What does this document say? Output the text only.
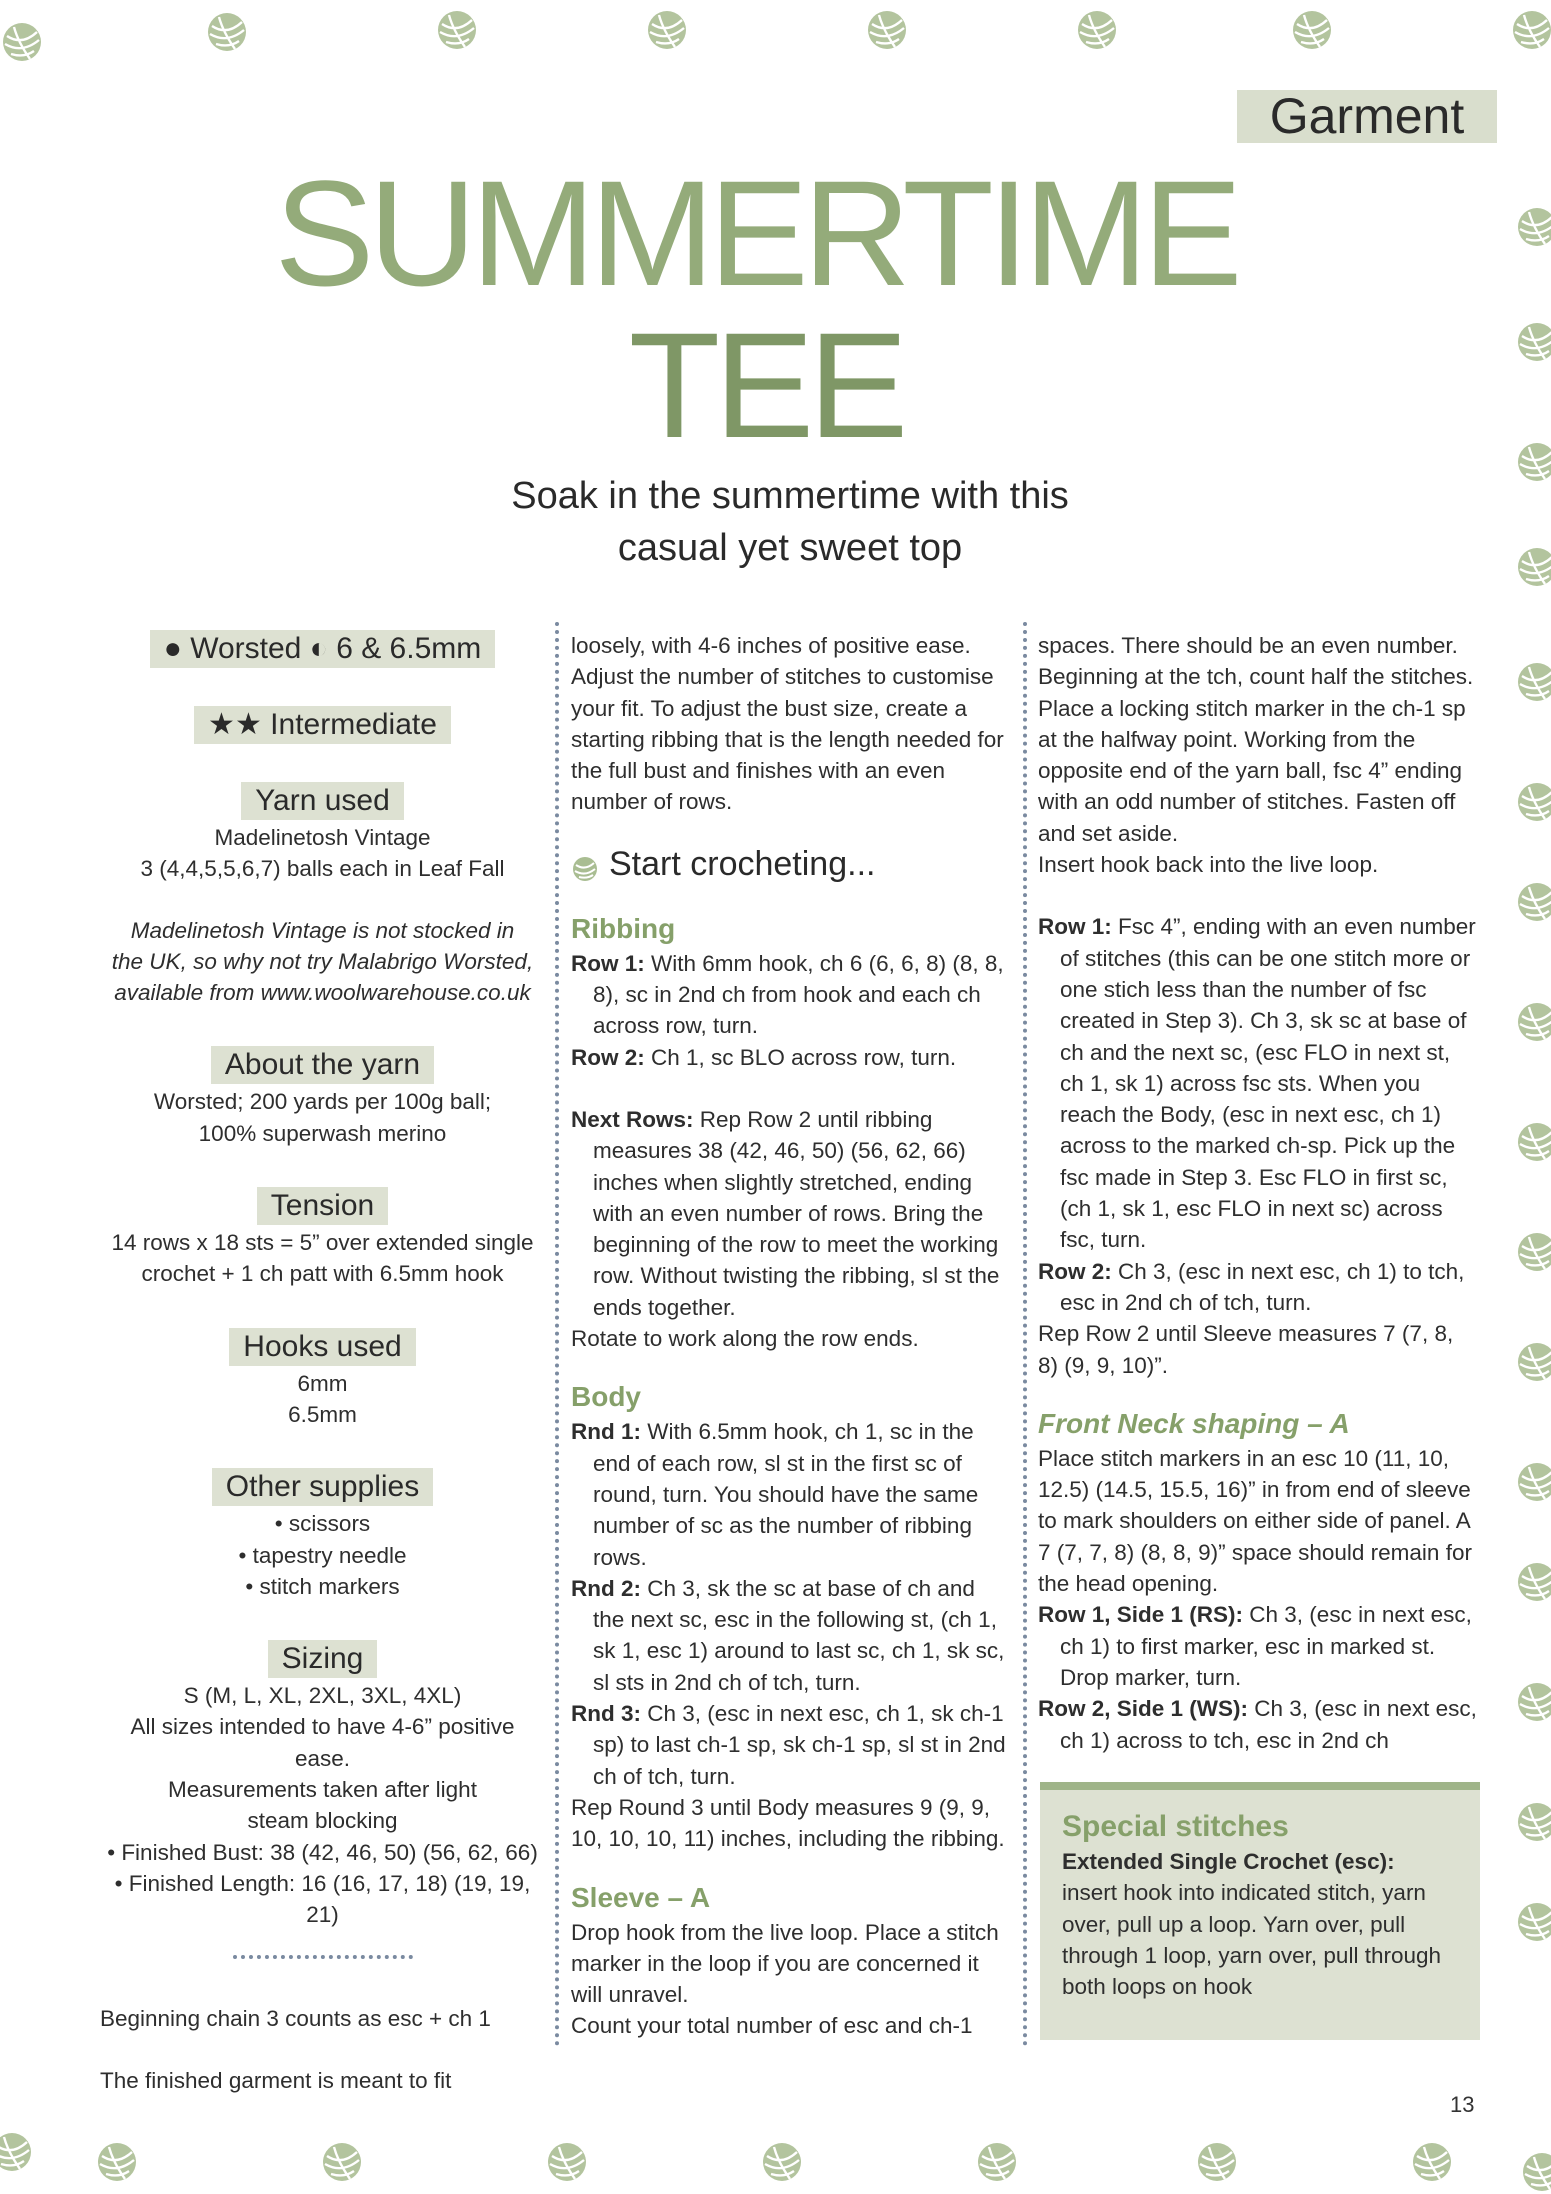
Garment
SUMMERTIME
TEE
Soak in the summertime with this
casual yet sweet top
● Worsted ◐ 6 & 6.5mm
★★ Intermediate
Yarn used
Madelinetosh Vintage
3 (4,4,5,5,6,7) balls each in Leaf Fall
Madelinetosh Vintage is not stocked in
the UK, so why not try Malabrigo Worsted,
available from www.woolwarehouse.co.uk
About the yarn
Worsted; 200 yards per 100g ball;
100% superwash merino
Tension
14 rows x 18 sts = 5” over extended single
crochet + 1 ch patt with 6.5mm hook
Hooks used
6mm
6.5mm
Other supplies
• scissors
• tapestry needle
• stitch markers
Sizing
S (M, L, XL, 2XL, 3XL, 4XL)
All sizes intended to have 4-6” positive ease.
Measurements taken after light
steam blocking
• Finished Bust: 38 (42, 46, 50) (56, 62, 66)
• Finished Length: 16 (16, 17, 18) (19, 19, 21)
Beginning chain 3 counts as esc + ch 1
The finished garment is meant to fit

loosely, with 4-6 inches of positive ease. Adjust the number of stitches to customise your fit. To adjust the bust size, create a starting ribbing that is the length needed for the full bust and finishes with an even number of rows.

Start crocheting...
Ribbing

Row 1: With 6mm hook, ch 6 (6, 6, 8) (8, 8, 8), sc in 2nd ch from hook and each ch across row, turn.

Row 2: Ch 1, sc BLO across row, turn.

Next Rows: Rep Row 2 until ribbing measures 38 (42, 46, 50) (56, 62, 66) inches when slightly stretched, ending with an even number of rows. Bring the beginning of the row to meet the working row. Without twisting the ribbing, sl st the ends together.

Rotate to work along the row ends.

Body

Rnd 1: With 6.5mm hook, ch 1, sc in the end of each row, sl st in the first sc of round, turn. You should have the same number of sc as the number of ribbing rows.

Rnd 2: Ch 3, sk the sc at base of ch and the next sc, esc in the following st, (ch 1, sk 1, esc 1) around to last sc, ch 1, sk sc, sl sts in 2nd ch of tch, turn.

Rnd 3: Ch 3, (esc in next esc, ch 1, sk ch-1 sp) to last ch-1 sp, sk ch-1 sp, sl st in 2nd ch of tch, turn.

Rep Round 3 until Body measures 9 (9, 9, 10, 10, 10, 11) inches, including the ribbing.

Sleeve – A

Drop hook from the live loop. Place a stitch marker in the loop if you are concerned it will unravel.

Count your total number of esc and ch-1

spaces. There should be an even number. Beginning at the tch, count half the stitches. Place a locking stitch marker in the ch-1 sp at the halfway point. Working from the opposite end of the yarn ball, fsc 4” ending with an odd number of stitches. Fasten off and set aside.

Insert hook back into the live loop.

Row 1: Fsc 4”, ending with an even number of stitches (this can be one stitch more or one stich less than the number of fsc created in Step 3). Ch 3, sk sc at base of ch and the next sc, (esc FLO in next st, ch 1, sk 1) across fsc sts. When you reach the Body, (esc in next esc, ch 1) across to the marked ch-sp. Pick up the fsc made in Step 3. Esc FLO in first sc, (ch 1, sk 1, esc FLO in next sc) across fsc, turn.

Row 2: Ch 3, (esc in next esc, ch 1) to tch, esc in 2nd ch of tch, turn.

Rep Row 2 until Sleeve measures 7 (7, 8, 8) (9, 9, 10)”.

Front Neck shaping – A

Place stitch markers in an esc 10 (11, 10, 12.5) (14.5, 15.5, 16)” in from end of sleeve to mark shoulders on either side of panel. A 7 (7, 7, 8) (8, 8, 9)” space should remain for the head opening.

Row 1, Side 1 (RS): Ch 3, (esc in next esc, ch 1) to first marker, esc in marked st. Drop marker, turn.

Row 2, Side 1 (WS): Ch 3, (esc in next esc, ch 1) across to tch, esc in 2nd ch

Special stitches
Extended Single Crochet (esc):
insert hook into indicated stitch, yarn over, pull up a loop. Yarn over, pull through 1 loop, yarn over, pull through both loops on hook
13
